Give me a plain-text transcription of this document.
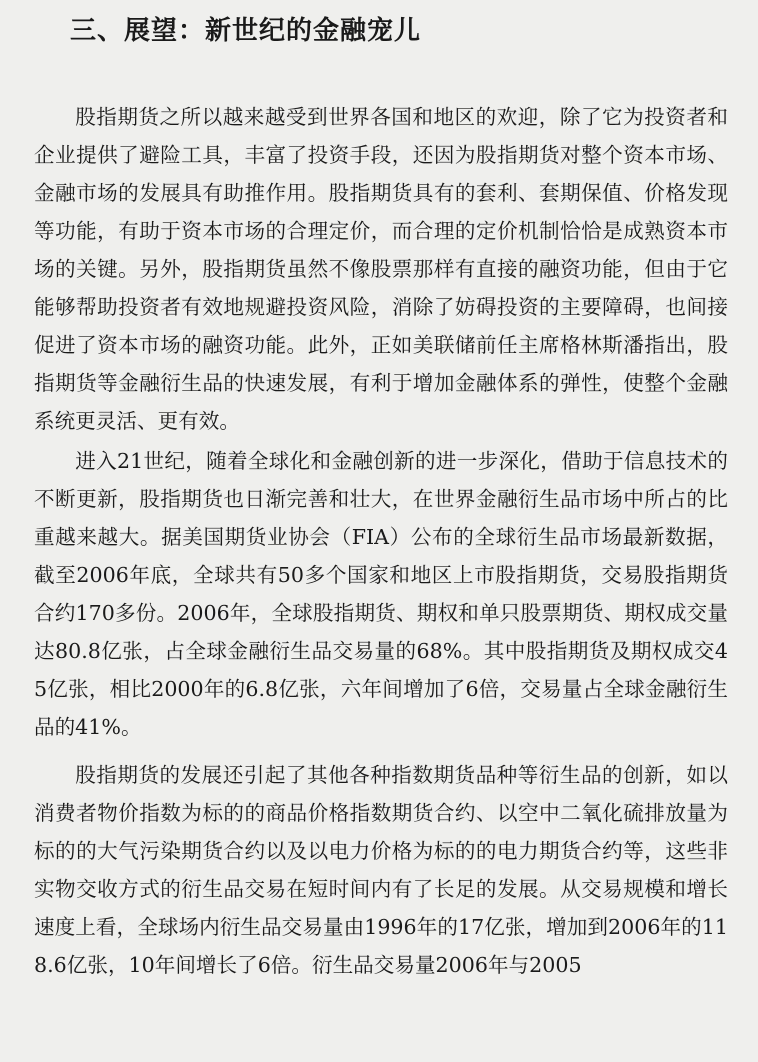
三、展望：新世纪的金融宠儿

股指期货之所以越来越受到世界各国和地区的欢迎，除了它为投资者和企业提供了避险工具，丰富了投资手段，还因为股指期货对整个资本市场、金融市场的发展具有助推作用。股指期货具有的套利、套期保值、价格发现等功能，有助于资本市场的合理定价，而合理的定价机制恰恰是成熟资本市场的关键。另外，股指期货虽然不像股票那样有直接的融资功能，但由于它能够帮助投资者有效地规避投资风险，消除了妨碍投资的主要障碍，也间接促进了资本市场的融资功能。此外，正如美联储前任主席格林斯潘指出，股指期货等金融衍生品的快速发展，有利于增加金融体系的弹性，使整个金融系统更灵活、更有效。

进入21世纪，随着全球化和金融创新的进一步深化，借助于信息技术的不断更新，股指期货也日渐完善和壮大，在世界金融衍生品市场中所占的比重越来越大。据美国期货业协会（FIA）公布的全球衍生品市场最新数据，截至2006年底，全球共有50多个国家和地区上市股指期货，交易股指期货合约170多份。2006年，全球股指期货、期权和单只股票期货、期权成交量达80.8亿张，占全球金融衍生品交易量的68%。其中股指期货及期权成交45亿张，相比2000年的6.8亿张，六年间增加了6倍，交易量占全球金融衍生品的41%。

股指期货的发展还引起了其他各种指数期货品种等衍生品的创新，如以消费者物价指数为标的的商品价格指数期货合约、以空中二氧化硫排放量为标的的大气污染期货合约以及以电力价格为标的的电力期货合约等，这些非实物交收方式的衍生品交易在短时间内有了长足的发展。从交易规模和增长速度上看，全球场内衍生品交易量由1996年的17亿张，增加到2006年的118.6亿张，10年间增长了6倍。衍生品交易量2006年与2005
